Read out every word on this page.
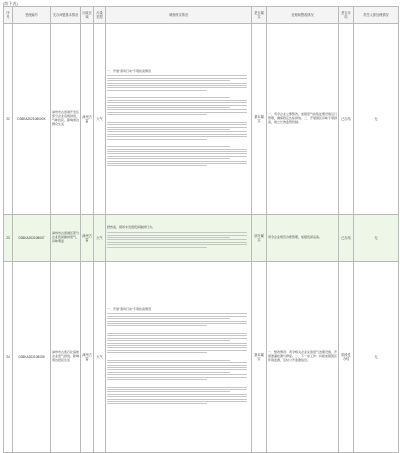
(续下表)
序号	受理编号	交办问题基本情况	行政区域	污染类型	调查核实情况	是否属实	处理和整改情况	是否办结	责任人被处理情况
22	D35KA202108000X	漳州市古雷港开发区部分企业违规排放，气味扰民，影响周边群众生活	漳州古雷	大气	一、开展“清风行动”专项检查情况	基本属实	一、责令企业立即整改，加强废气收集处理设施运行管理，确保稳定达标排放。二、开展园区异味专项排查，建立长效监管机制。	已办结	无
23	D35KA202108007	漳州市古雷港区部分企业夜间偷排废气，异味明显	漳州古雷	大气	经核查，现场未发现夜间偷排行为。	部分属实	责令企业规范台账管理，加强夜间巡查。	已办结	无
24	D35KA202108009	漳州市古雷石化基地企业废气排放，影响周边居民生活	漳州古雷	大气	一、开展“清风行动”专项检查情况	基本属实	一、整改情况：责令相关企业完善废气治理设施，开展泄漏检测与修复。二、下一步工作：持续加强园区环境监测，及时公开监测信息。	阶段性办结	无
